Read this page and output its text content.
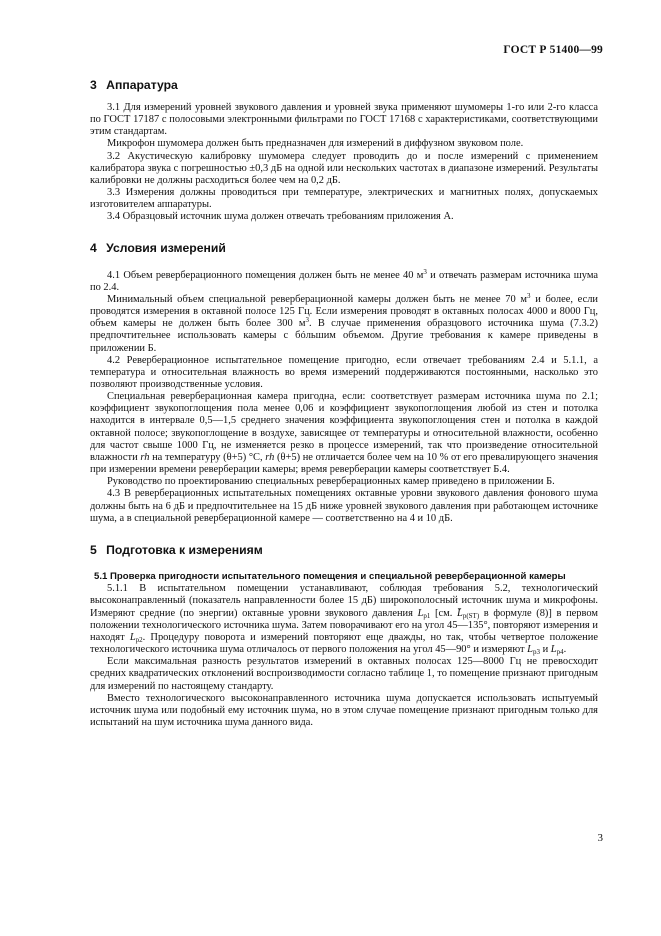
ГОСТ Р 51400—99
3 Аппаратура

3.1 Для измерений уровней звукового давления и уровней звука применяют шумомеры 1-го или 2-го класса по ГОСТ 17187 с полосовыми электронными фильтрами по ГОСТ 17168 с характеристиками, соответствующими этим стандартам.

Микрофон шумомера должен быть предназначен для измерений в диффузном звуковом поле.

3.2 Акустическую калибровку шумомера следует проводить до и после измерений с применением калибратора звука с погрешностью ±0,3 дБ на одной или нескольких частотах в диапазоне измерений. Результаты калибровки не должны расходиться более чем на 0,2 дБ.

3.3 Измерения должны проводиться при температуре, электрических и магнитных полях, допускаемых изготовителем аппаратуры.

3.4 Образцовый источник шума должен отвечать требованиям приложения А.

4 Условия измерений

4.1 Объем реверберационного помещения должен быть не менее 40 $м^3$ и отвечать размерам источника шума по 2.4.

Минимальный объем специальной реверберационной камеры должен быть не менее 70 $м^3$ и более, если проводятся измерения в октавной полосе 125 Гц. Если измерения проводят в октавных полосах 4000 и 8000 Гц, объем камеры не должен быть более 300 $м^3$. В случае применения образцового источника шума (7.3.2) предпочтительнее использовать камеры с бóльшим объемом. Другие требования к камере приведены в приложении Б.

4.2 Реверберационное испытательное помещение пригодно, если отвечает требованиям 2.4 и 5.1.1, а температура и относительная влажность во время измерений поддерживаются постоянными, насколько это позволяют производственные условия.

Специальная реверберационная камера пригодна, если: соответствует размерам источника шума по 2.1; коэффициент звукопоглощения пола менее 0,06 и коэффициент звукопоглощения любой из стен и потолка находится в интервале 0,5—1,5 среднего значения коэффициента звукопоглощения стен и потолка в каждой октавной полосе; звукопоглощение в воздухе, зависящее от температуры и относительной влажности, особенно для частот свыше 1000 Гц, не изменяется резко в процессе измерений, так что произведение относительной влажности rh на температуру (θ+5) °С, rh (θ+5) не отличается более чем на 10 % от его превалирующего значения при измерении времени реверберации камеры; время реверберации камеры соответствует Б.4.

Руководство по проектированию специальных реверберационных камер приведено в приложении Б.

4.3 В реверберационных испытательных помещениях октавные уровни звукового давления фонового шума должны быть на 6 дБ и предпочтительнее на 15 дБ ниже уровней звукового давления при работающем источнике шума, а в специальной реверберационной камере — соответственно на 4 и 10 дБ.

5 Подготовка к измерениям
5.1 Проверка пригодности испытательного помещения и специальной реверберационной камеры

5.1.1 В испытательном помещении устанавливают, соблюдая требования 5.2, технологический высоконаправленный (показатель направленности более 15 дБ) широкополосный источник шума и микрофоны. Измеряют средние (по энергии) октавные уровни звукового давления $L_{p1}$ [см. $L̄_{p(ST)}$ в формуле (8)] в первом положении технологического источника шума. Затем поворачивают его на угол 45—135°, повторяют измерения и находят $L_{p2}$. Процедуру поворота и измерений повторяют еще дважды, но так, чтобы четвертое положение технологического источника шума отличалось от первого положения на угол 45—90° и измеряют $L_{p3}$ и $L_{p4}$.

Если максимальная разность результатов измерений в октавных полосах 125—8000 Гц не превосходит средних квадратических отклонений воспроизводимости согласно таблице 1, то помещение признают пригодным для измерений по настоящему стандарту.

Вместо технологического высоконаправленного источника шума допускается использовать испытуемый источник шума или подобный ему источник шума, но в этом случае помещение признают пригодным только для испытаний на шум источника шума данного вида.

3
